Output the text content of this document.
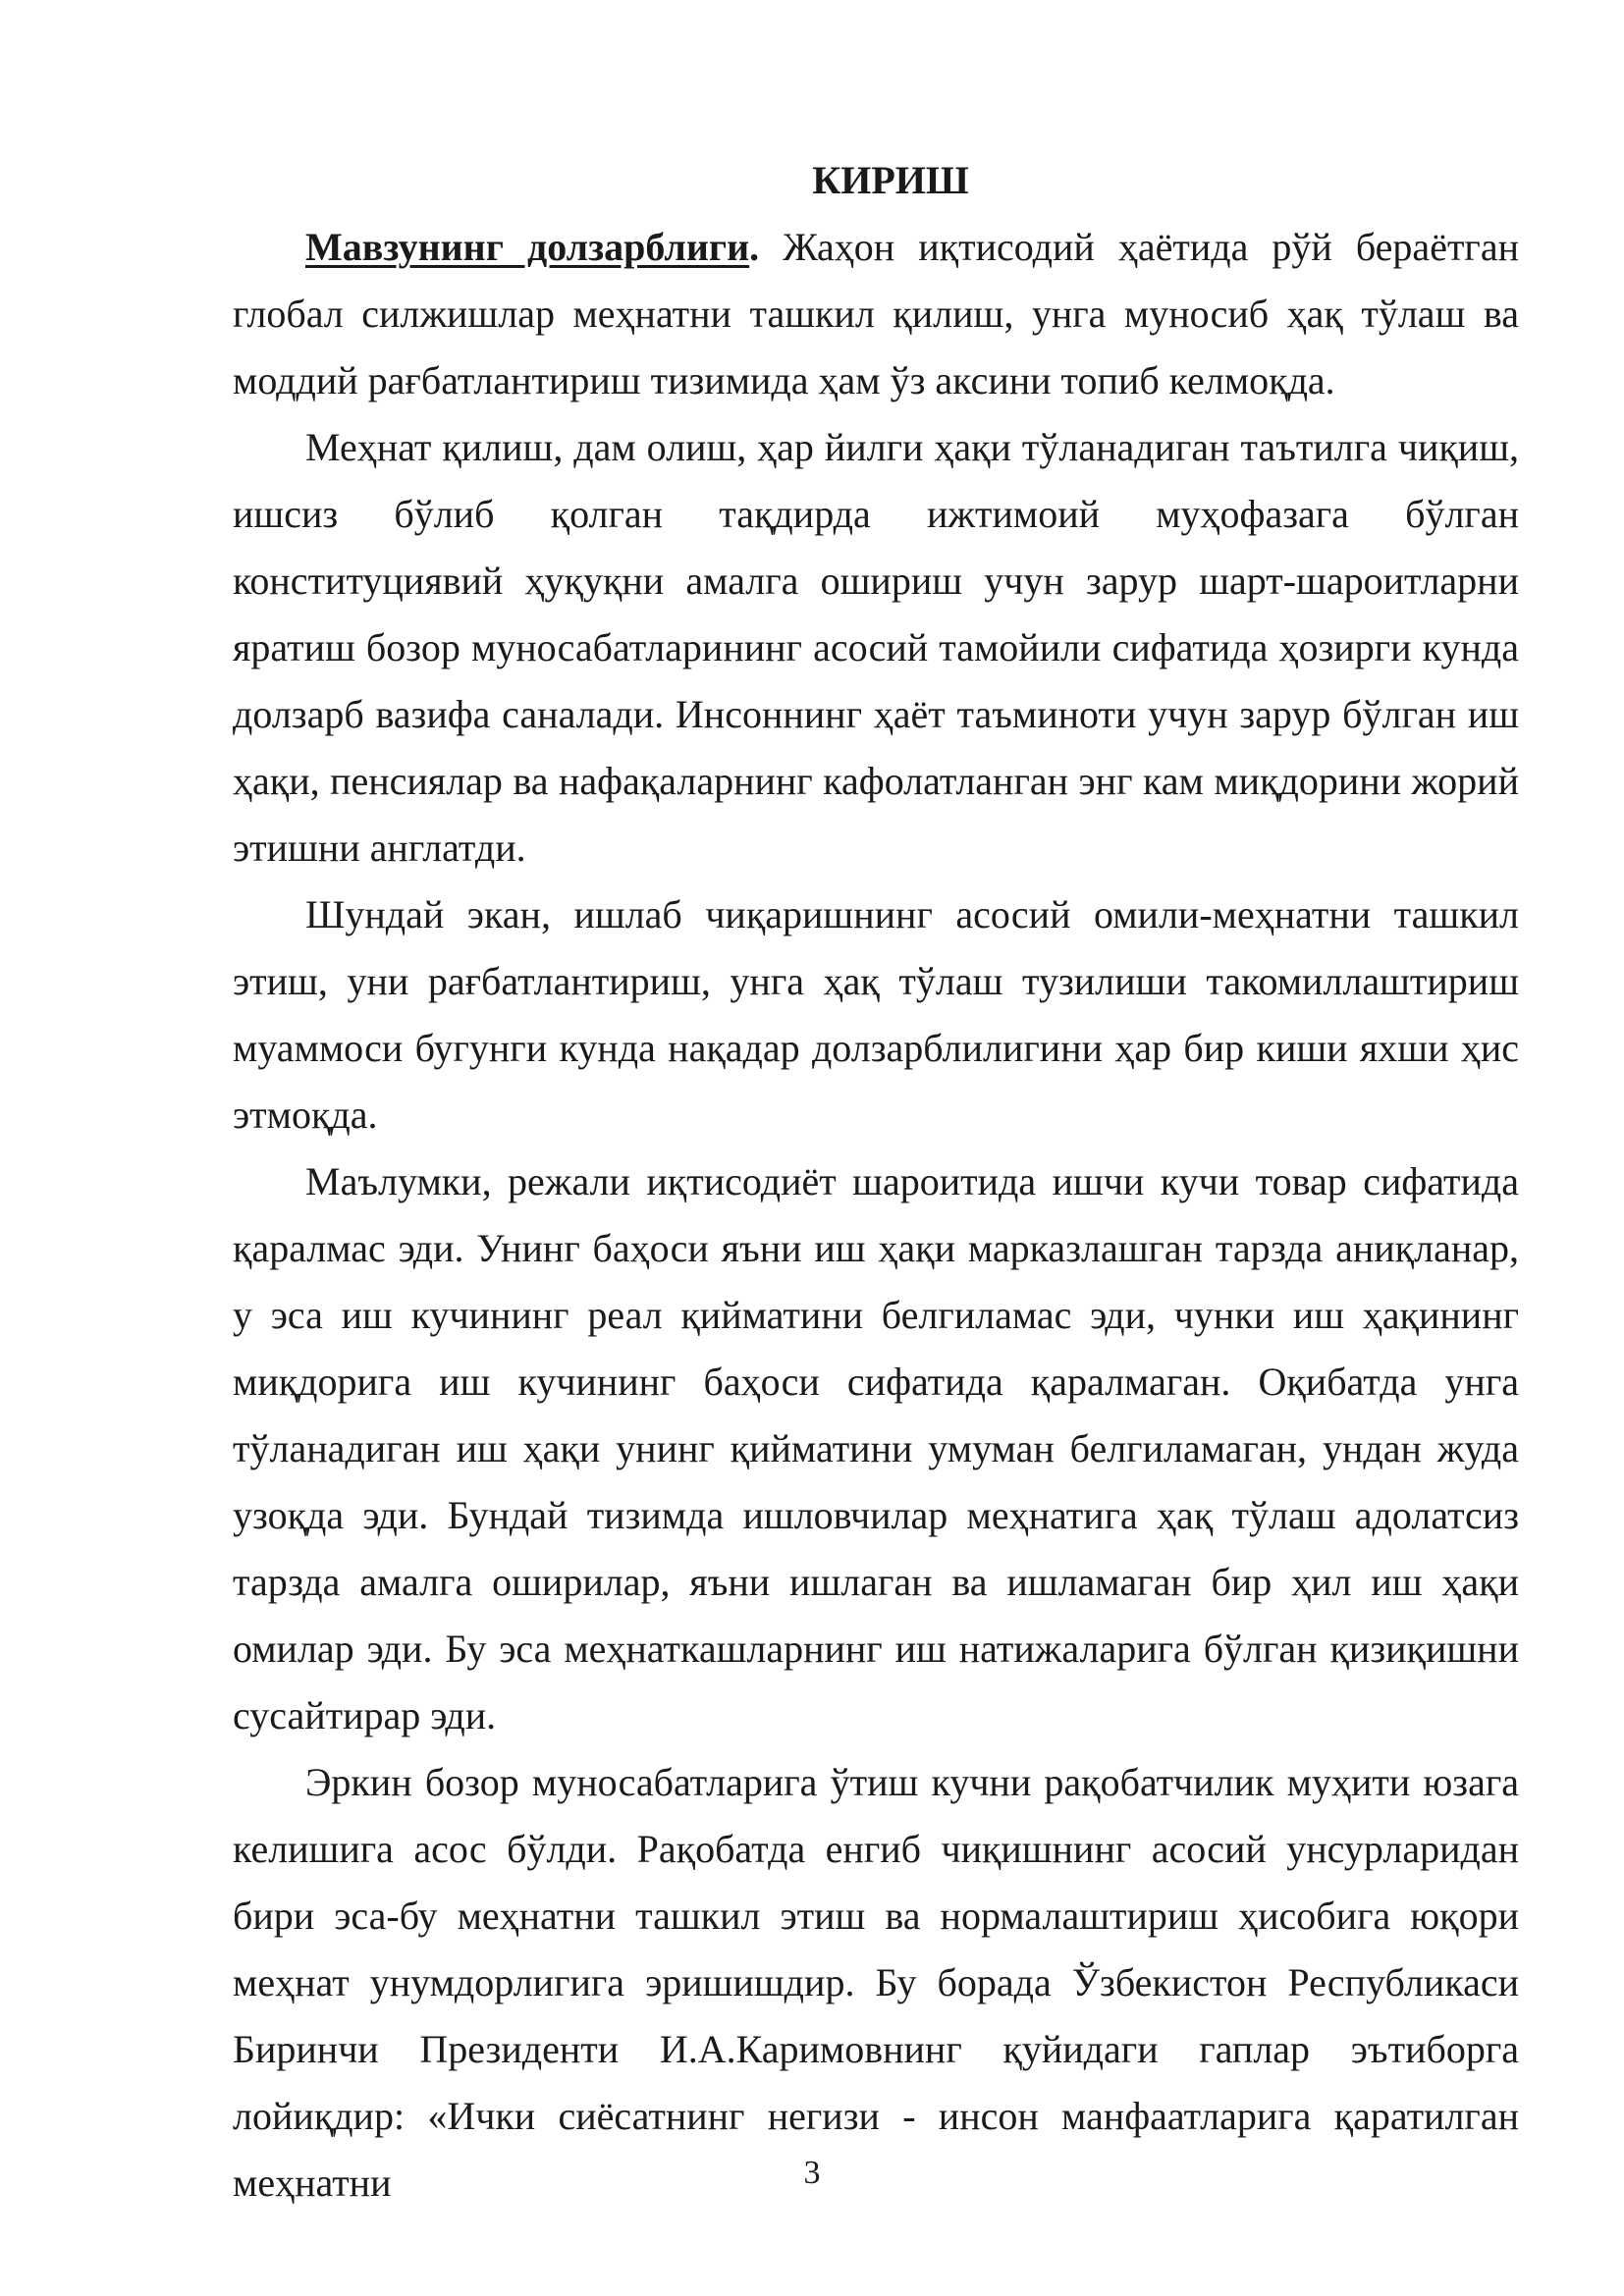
КИРИШ

Мавзунинг долзарблиги. Жаҳон иқтисодий ҳаётида рўй бераётган глобал силжишлар меҳнатни ташкил қилиш, унга муносиб ҳақ тўлаш ва моддий рағбатлантириш тизимида ҳам ўз аксини топиб келмоқда.

Меҳнат қилиш, дам олиш, ҳар йилги ҳақи тўланадиган таътилга чиқиш, ишсиз бўлиб қолган тақдирда ижтимоий муҳофазага бўлган конституциявий ҳуқуқни амалга ошириш учун зарур шарт-шароитларни яратиш бозор муносабатларининг асосий тамойили сифатида ҳозирги кунда долзарб вазифа саналади. Инсоннинг ҳаёт таъминоти учун зарур бўлган иш ҳақи, пенсиялар ва нафақаларнинг кафолатланган энг кам миқдорини жорий этишни англатди.

Шундай экан, ишлаб чиқаришнинг асосий омили-меҳнатни ташкил этиш, уни рағбатлантириш, унга ҳақ тўлаш тузилиши такомиллаштириш муаммоси бугунги кунда нақадар долзарблилигини ҳар бир киши яхши ҳис этмоқда.

Маълумки, режали иқтисодиёт шароитида ишчи кучи товар сифатида қаралмас эди. Унинг баҳоси яъни иш ҳақи марказлашган тарзда аниқланар, у эса иш кучининг реал қийматини белгиламас эди, чунки иш ҳақининг миқдорига иш кучининг баҳоси сифатида қаралмаган. Оқибатда унга тўланадиган иш ҳақи унинг қийматини умуман белгиламаган, ундан жуда узоқда эди. Бундай тизимда ишловчилар меҳнатига ҳақ тўлаш адолатсиз тарзда амалга оширилар, яъни ишлаган ва ишламаган бир ҳил иш ҳақи омилар эди. Бу эса меҳнаткашларнинг иш натижаларига бўлган қизиқишни сусайтирар эди.

Эркин бозор муносабатларига ўтиш кучни рақобатчилик муҳити юзага келишига асос бўлди. Рақобатда енгиб чиқишнинг асосий унсурларидан бири эса-бу меҳнатни ташкил этиш ва нормалаштириш ҳисобига юқори меҳнат унумдорлигига эришишдир. Бу борада Ўзбекистон Республикаси Биринчи Президенти И.А.Каримовнинг қуйидаги гаплар эътиборга лойиқдир: «Ички сиёсатнинг негизи - инсон манфаатларига қаратилган меҳнатни	3
